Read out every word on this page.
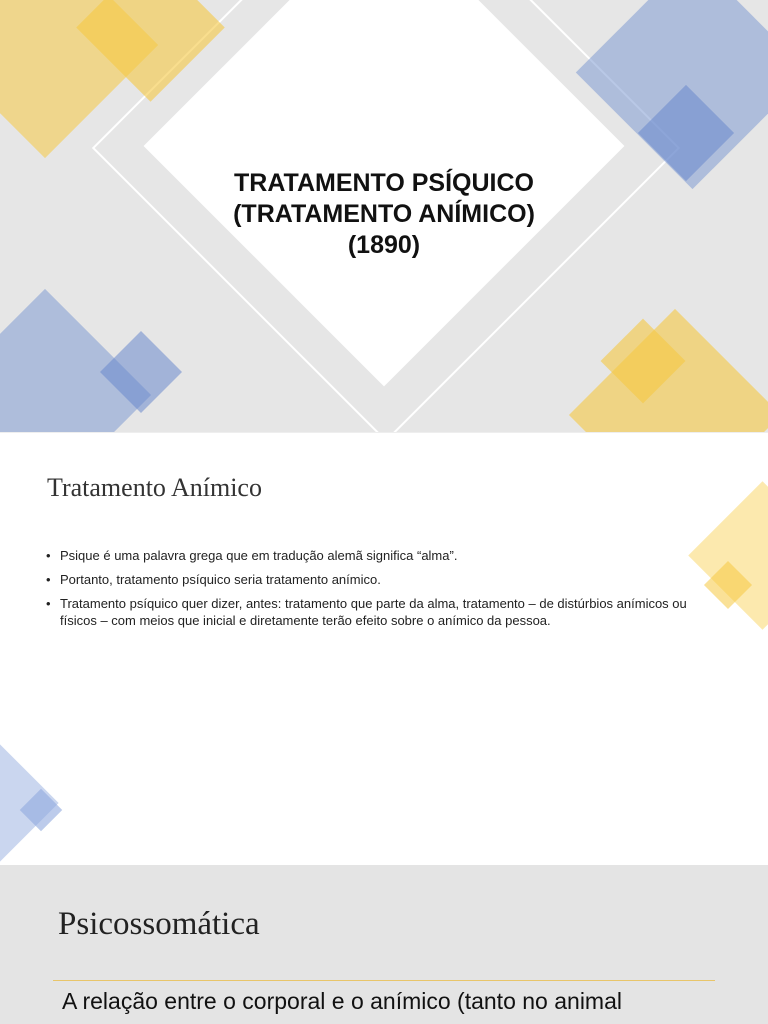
TRATAMENTO PSÍQUICO
(TRATAMENTO ANÍMICO)
(1890)
Tratamento Anímico
• Psique é uma palavra grega que em tradução alemã significa “alma”.
• Portanto, tratamento psíquico seria tratamento anímico.
• Tratamento psíquico quer dizer, antes: tratamento que parte da alma, tratamento – de distúrbios anímicos ou físicos – com meios que inicial e diretamente terão efeito sobre o anímico da pessoa.
Psicossomática

A relação entre o corporal e o anímico (tanto no animal
